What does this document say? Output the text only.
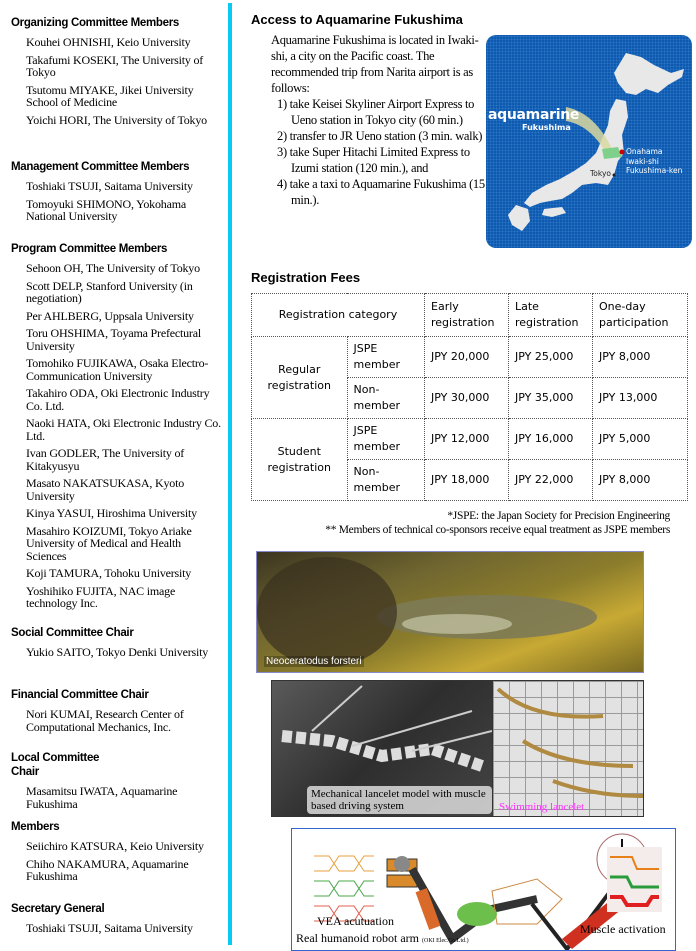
Organizing Committee Members
Kouhei OHNISHI, Keio University
Takafumi KOSEKI, The University of Tokyo
Tsutomu MIYAKE, Jikei University School of Medicine
Yoichi HORI, The University of Tokyo
Management Committee Members
Toshiaki TSUJI, Saitama University
Tomoyuki SHIMONO, Yokohama National University
Program Committee Members
Sehoon OH, The University of Tokyo
Scott DELP, Stanford University (in negotiation)
Per AHLBERG, Uppsala University
Toru OHSHIMA, Toyama Prefectural University
Tomohiko FUJIKAWA, Osaka Electro-Communication University
Takahiro ODA, Oki Electronic Industry Co. Ltd.
Naoki HATA, Oki Electronic Industry Co. Ltd.
Ivan GODLER, The University of Kitakyusyu
Masato NAKATSUKASA, Kyoto University
Kinya YASUI, Hiroshima University
Masahiro KOIZUMI, Tokyo Ariake University of Medical and Health Sciences
Koji TAMURA, Tohoku University
Yoshihiko FUJITA, NAC image technology Inc.
Social Committee Chair
Yukio SAITO, Tokyo Denki University
Financial Committee Chair
Nori KUMAI, Research Center of Computational Mechanics, Inc.
Local Committee Chair
Masamitsu IWATA, Aquamarine Fukushima
Members
Seiichiro KATSURA, Keio University
Chiho NAKAMURA, Aquamarine Fukushima
Secretary General
Toshiaki TSUJI, Saitama University
Access to Aquamarine Fukushima
Aquamarine Fukushima is located in Iwaki-shi, a city on the Pacific coast. The recommended trip from Narita airport is as follows:
1) take Keisei Skyliner Airport Express to Ueno station in Tokyo city (60 min.)
2) transfer to JR Ueno station (3 min. walk)
3) take Super Hitachi Limited Express to Izumi station (120 min.), and
4) take a taxi to Aquamarine Fukushima (15 min.).
aquamarine
Fukushima
Onahama
Iwaki-shi
Fukushima-ken
Tokyo
Registration Fees
Registration category		Early registration	Late registration	One-day participation
Regular registration	JSPE member	JPY 20,000	JPY 25,000	JPY 8,000
	Non-member	JPY 30,000	JPY 35,000	JPY 13,000
Student registration	JSPE member	JPY 12,000	JPY 16,000	JPY 5,000
	Non-member	JPY 18,000	JPY 22,000	JPY 8,000
*JSPE: the Japan Society for Precision Engineering
** Members of technical co-sponsors receive equal treatment as JSPE members
Neoceratodus forsteri
Mechanical lancelet model with muscle based driving system	Swimming lancelet
VEA acutuation
Real humanoid robot arm (OKI Elec.Co.Ltd.)
Muscle activation
